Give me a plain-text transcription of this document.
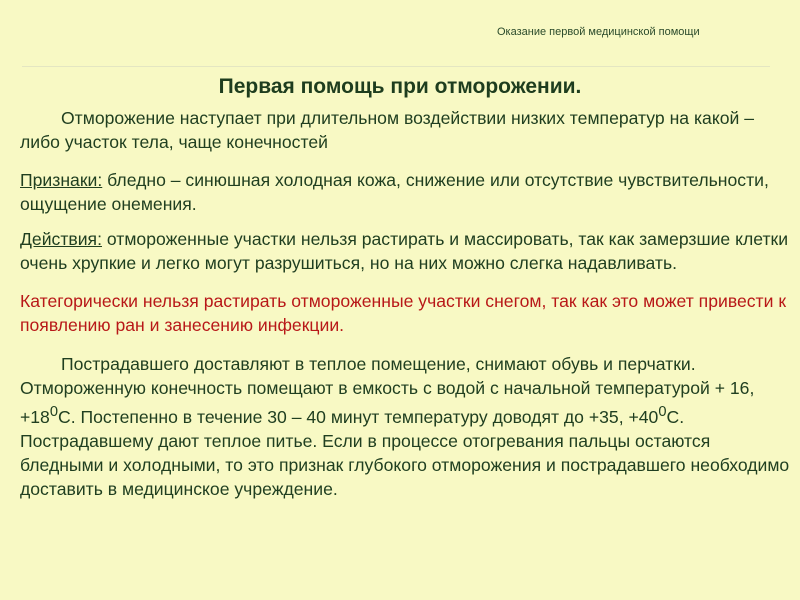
Оказание первой медицинской помощи
Первая помощь при отморожении.

Отморожение наступает при длительном воздействии низких температур на какой – либо участок тела, чаще конечностей

Признаки: бледно – синюшная холодная кожа, снижение или отсутствие чувствительности, ощущение онемения.

Действия: отмороженные участки нельзя растирать и массировать, так как замерзшие клетки очень хрупкие и легко могут разрушиться, но на них можно слегка надавливать.

Категорически нельзя растирать отмороженные участки снегом, так как это может привести к появлению ран и занесению инфекции.

Пострадавшего доставляют в теплое помещение, снимают обувь и перчатки. Отмороженную конечность помещают в емкость с водой с начальной температурой + 16, $+18^0С$. Постепенно в течение 30 – 40 минут температуру доводят до +35, $+40^0С$. Пострадавшему дают теплое питье. Если в процессе отогревания пальцы остаются бледными и холодными, то это признак глубокого отморожения и пострадавшего необходимо доставить в медицинское учреждение.
